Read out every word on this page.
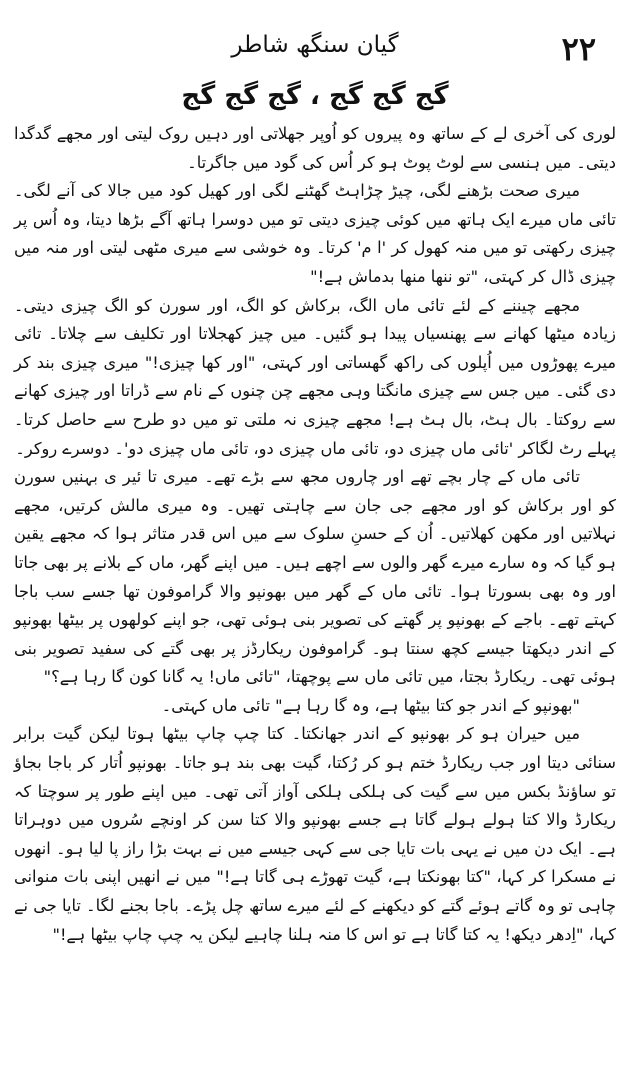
۲۲
گیان سنگھ شاطر
گج گج گج ، گج گج گج

لوری کی آخری لے کے ساتھ وہ پیروں کو اُوپر جھلاتی اور دہیں روک لیتی اور مجھے گدگدا دیتی۔ میں ہنسی سے لوٹ پوٹ ہو کر اُس کی گود میں جاگرتا۔

میری صحت بڑھنے لگی، چیڑ چڑاہٹ گھٹنے لگی اور کھیل کود میں جالا کی آنے لگی۔ تائی ماں میرے ایک ہاتھ میں کوئی چیزی دیتی تو میں دوسرا ہاتھ آگے بڑھا دیتا، وہ اُس پر چیزی رکھتی تو میں منہ کھول کر 'ا م' کرتا۔ وہ خوشی سے میری مٹھی لیتی اور منہ میں چیزی ڈال کر کہتی، "تو ننھا منھا بدماش ہے!"

مجھے چیننے کے لئے تائی ماں الگ، برکاش کو الگ، اور سورن کو الگ چیزی دیتی۔ زیادہ میٹھا کھانے سے پھنسیاں پیدا ہو گئیں۔ میں چیز کھجلاتا اور تکلیف سے چلاتا۔ تائی میرے پھوڑوں میں اُپلوں کی راکھ گھساتی اور کہتی، "اور کھا چیزی!" میری چیزی بند کر دی گئی۔ میں جس سے چیزی مانگتا وہی مجھے چن چنوں کے نام سے ڈراتا اور چیزی کھانے سے روکتا۔ بال ہٹ، بال ہٹ ہے! مجھے چیزی نہ ملتی تو میں دو طرح سے حاصل کرتا۔ پہلے رٹ لگاکر 'تائی ماں چیزی دو، تائی ماں چیزی دو، تائی ماں چیزی دو'۔ دوسرے روکر۔

تائی ماں کے چار بچے تھے اور چاروں مجھ سے بڑے تھے۔ میری تا ئیر ی بہنیں سورن کو اور برکاش کو اور مجھے جی جان سے چاہتی تھیں۔ وہ میری مالش کرتیں، مجھے نہلاتیں اور مکھن کھلاتیں۔ اُن کے حسنِ سلوک سے میں اس قدر متاثر ہوا کہ مجھے یقین ہو گیا کہ وہ سارے میرے گھر والوں سے اچھے ہیں۔ میں اپنے گھر، ماں کے بلانے پر بھی جاتا اور وہ بھی بسورتا ہوا۔ تائی ماں کے گھر میں بھونپو والا گراموفون تھا جسے سب باجا کہتے تھے۔ باجے کے بھونپو پر گھتے کی تصویر بنی ہوئی تھی، جو اپنے کولھوں پر بیٹھا بھونپو کے اندر دیکھتا جیسے کچھ سنتا ہو۔ گراموفون ریکارڈز پر بھی گتے کی سفید تصویر بنی ہوئی تھی۔ ریکارڈ بجتا، میں تائی ماں سے پوچھتا، "تائی ماں! یہ گانا کون گا رہا ہے؟"

"بھونپو کے اندر جو کتا بیٹھا ہے، وہ گا رہا ہے" تائی ماں کہتی۔

میں حیران ہو کر بھونپو کے اندر جھانکتا۔ کتا چپ چاپ بیٹھا ہوتا لیکن گیت برابر سنائی دیتا اور جب ریکارڈ ختم ہو کر رُکتا، گیت بھی بند ہو جاتا۔ بھونپو اُتار کر باجا بجاؤ تو ساؤنڈ بکس میں سے گیت کی ہلکی ہلکی آواز آتی تھی۔ میں اپنے طور پر سوچتا کہ ریکارڈ والا کتا ہولے ہولے گاتا ہے جسے بھونپو والا کتا سن کر اونچے سُروں میں دوہراتا ہے۔ ایک دن میں نے یہی بات تایا جی سے کہی جیسے میں نے بہت بڑا راز پا لیا ہو۔ انھوں نے مسکرا کر کہا، "کتا بھونکتا ہے، گیت تھوڑے ہی گاتا ہے!" میں نے انھیں اپنی بات منوانی چاہی تو وہ گاتے ہوئے گتے کو دیکھنے کے لئے میرے ساتھ چل پڑے۔ باجا بجنے لگا۔ تایا جی نے کہا، "اِدھر دیکھ! یہ کتا گاتا ہے تو اس کا منہ ہلنا چاہیے لیکن یہ چپ چاپ بیٹھا ہے!"
